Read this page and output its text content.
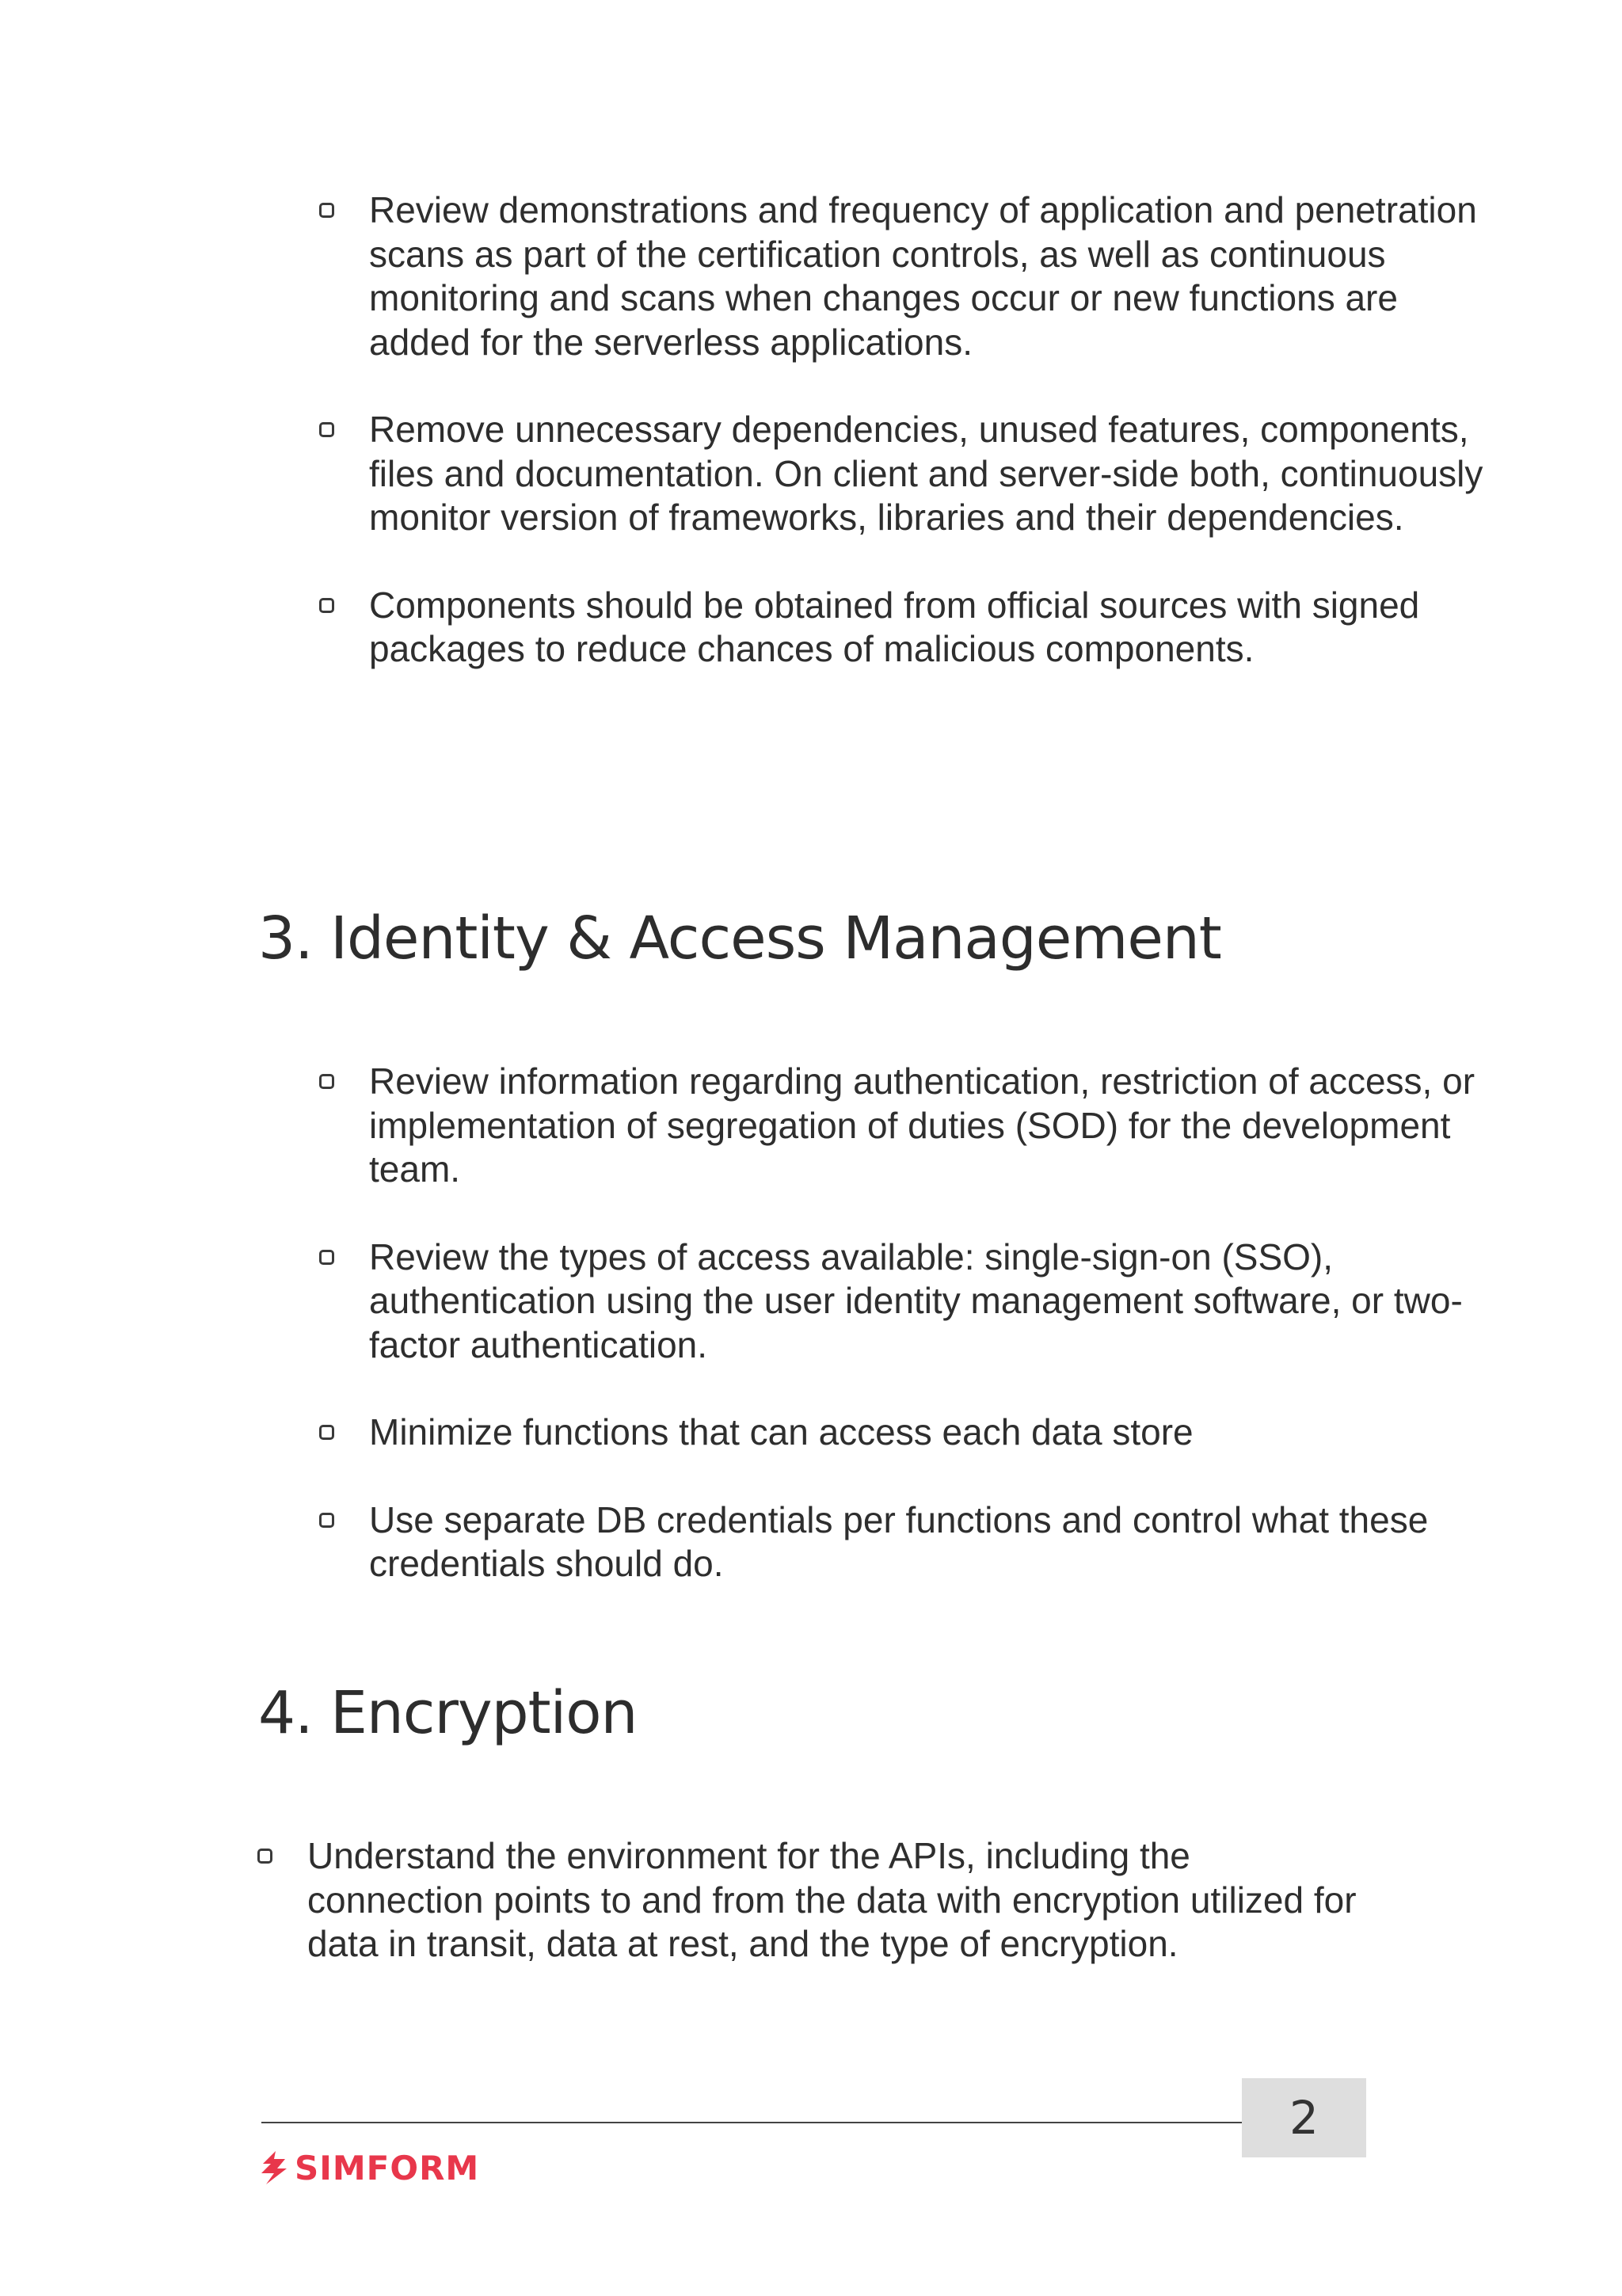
Review demonstrations and frequency of application and penetration scans as part of the certification controls, as well as continuous monitoring and scans when changes occur or new functions are added for the serverless applications.
Remove unnecessary dependencies, unused features, components, files and documentation. On client and server-side both, continuously monitor version of frameworks, libraries and their dependencies.
Components should be obtained from official sources with signed packages to reduce chances of malicious components.
3. Identity & Access Management
Review information regarding authentication, restriction of access, or implementation of segregation of duties (SOD) for the development team.
Review the types of access available: single-sign-on (SSO), authentication using the user identity management software, or two-factor authentication.
Minimize functions that can access each data store
Use separate DB credentials per functions and control what these credentials should do.
4. Encryption
Understand the environment for the APIs, including the connection points to and from the data with encryption utilized for data in transit, data at rest, and the type of encryption.
2
SIMFORM
